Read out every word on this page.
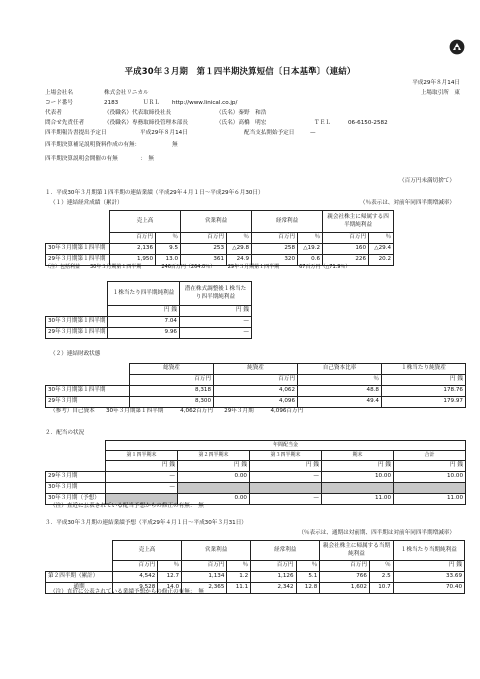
平成30年３月期　第１四半期決算短信〔日本基準〕（連結）
平成29年８月14日
上場会社名	株式会社リニカル	上場取引所　東
コード番号	2183	ＵＲＬ http://www.linical.co.jp/
代表者	（役職名）代表取締役社長	（氏名）秦野　和浩
問合せ先責任者	（役職名）専務取締役管理本部長	（氏名）高橋　明宏	ＴＥＬ	06-6150-2582
四半期報告書提出予定日	平成29年８月14日	配当支払開始予定日	—
四半期決算補足説明資料作成の有無：	無
四半期決算説明会開催の有無	：　無
（百万円未満切捨て）
１．平成30年３月期第１四半期の連結業績（平成29年４月１日～平成29年６月30日）
（１）連結経営成績（累計）	（％表示は、対前年同四半期増減率）
	売上高		営業利益		経常利益		親会社株主に帰属する四半期純利益		
	百万円	％	百万円	％	百万円	％	百万円	％	
30年３月期第１四半期	2,136	9.5	253	△29.8	258	△19.2	160	△29.4	
29年３月期第１四半期	1,950	13.0	361	24.9	320	0.6	226	20.2	
（注）包括利益　　30年３月期第１四半期　　　　246百万円（264.0％）　　　29年３月期第１四半期　　　　67百万円（△71.9％）
	１株当たり四半期純利益	潜在株式調整後１株当たり四半期純利益	
	円 銭	円 銭	
30年３月期第１四半期	7.04	—	
29年３月期第１四半期	9.96	—	
（２）連結財政状態
	総資産	純資産	自己資本比率	１株当たり純資産
	百万円	百万円	％	円 銭
30年３月期第１四半期	8,318	4,062	48.8	178.76
29年３月期	8,300	4,096	49.4	179.97
（参考）自己資本　　30年３月期第１四半期　　　4,062百万円　　29年３月期　　　4,096百万円
２．配当の状況
	年間配当金				
	第１四半期末	第２四半期末	第３四半期末	期末	合計
	円 銭	円 銭	円 銭	円 銭	円 銭
29年３月期	—	0.00	—	10.00	10.00
30年３月期	—				
30年３月期（予想）		0.00	—	11.00	11.00
（注）直近に公表されている配当予想からの修正の有無：　無
３．平成30年３月期の連結業績予想（平成29年４月１日～平成30年３月31日）
（％表示は、通期は対前期、四半期は対前年同四半期増減率）
	売上高		営業利益		経常利益		親会社株主に帰属する当期純利益		１株当たり当期純利益
	百万円	％	百万円	％	百万円	％	百万円	％	円 銭
第２四半期（累計）	4,542	12.7	1,134	1.2	1,126	5.1	766	2.5	33.69
通期	9,528	14.0	2,365	11.1	2,342	12.8	1,602	10.7	70.40
（注）直近に公表されている業績予想からの修正の有無：　無
